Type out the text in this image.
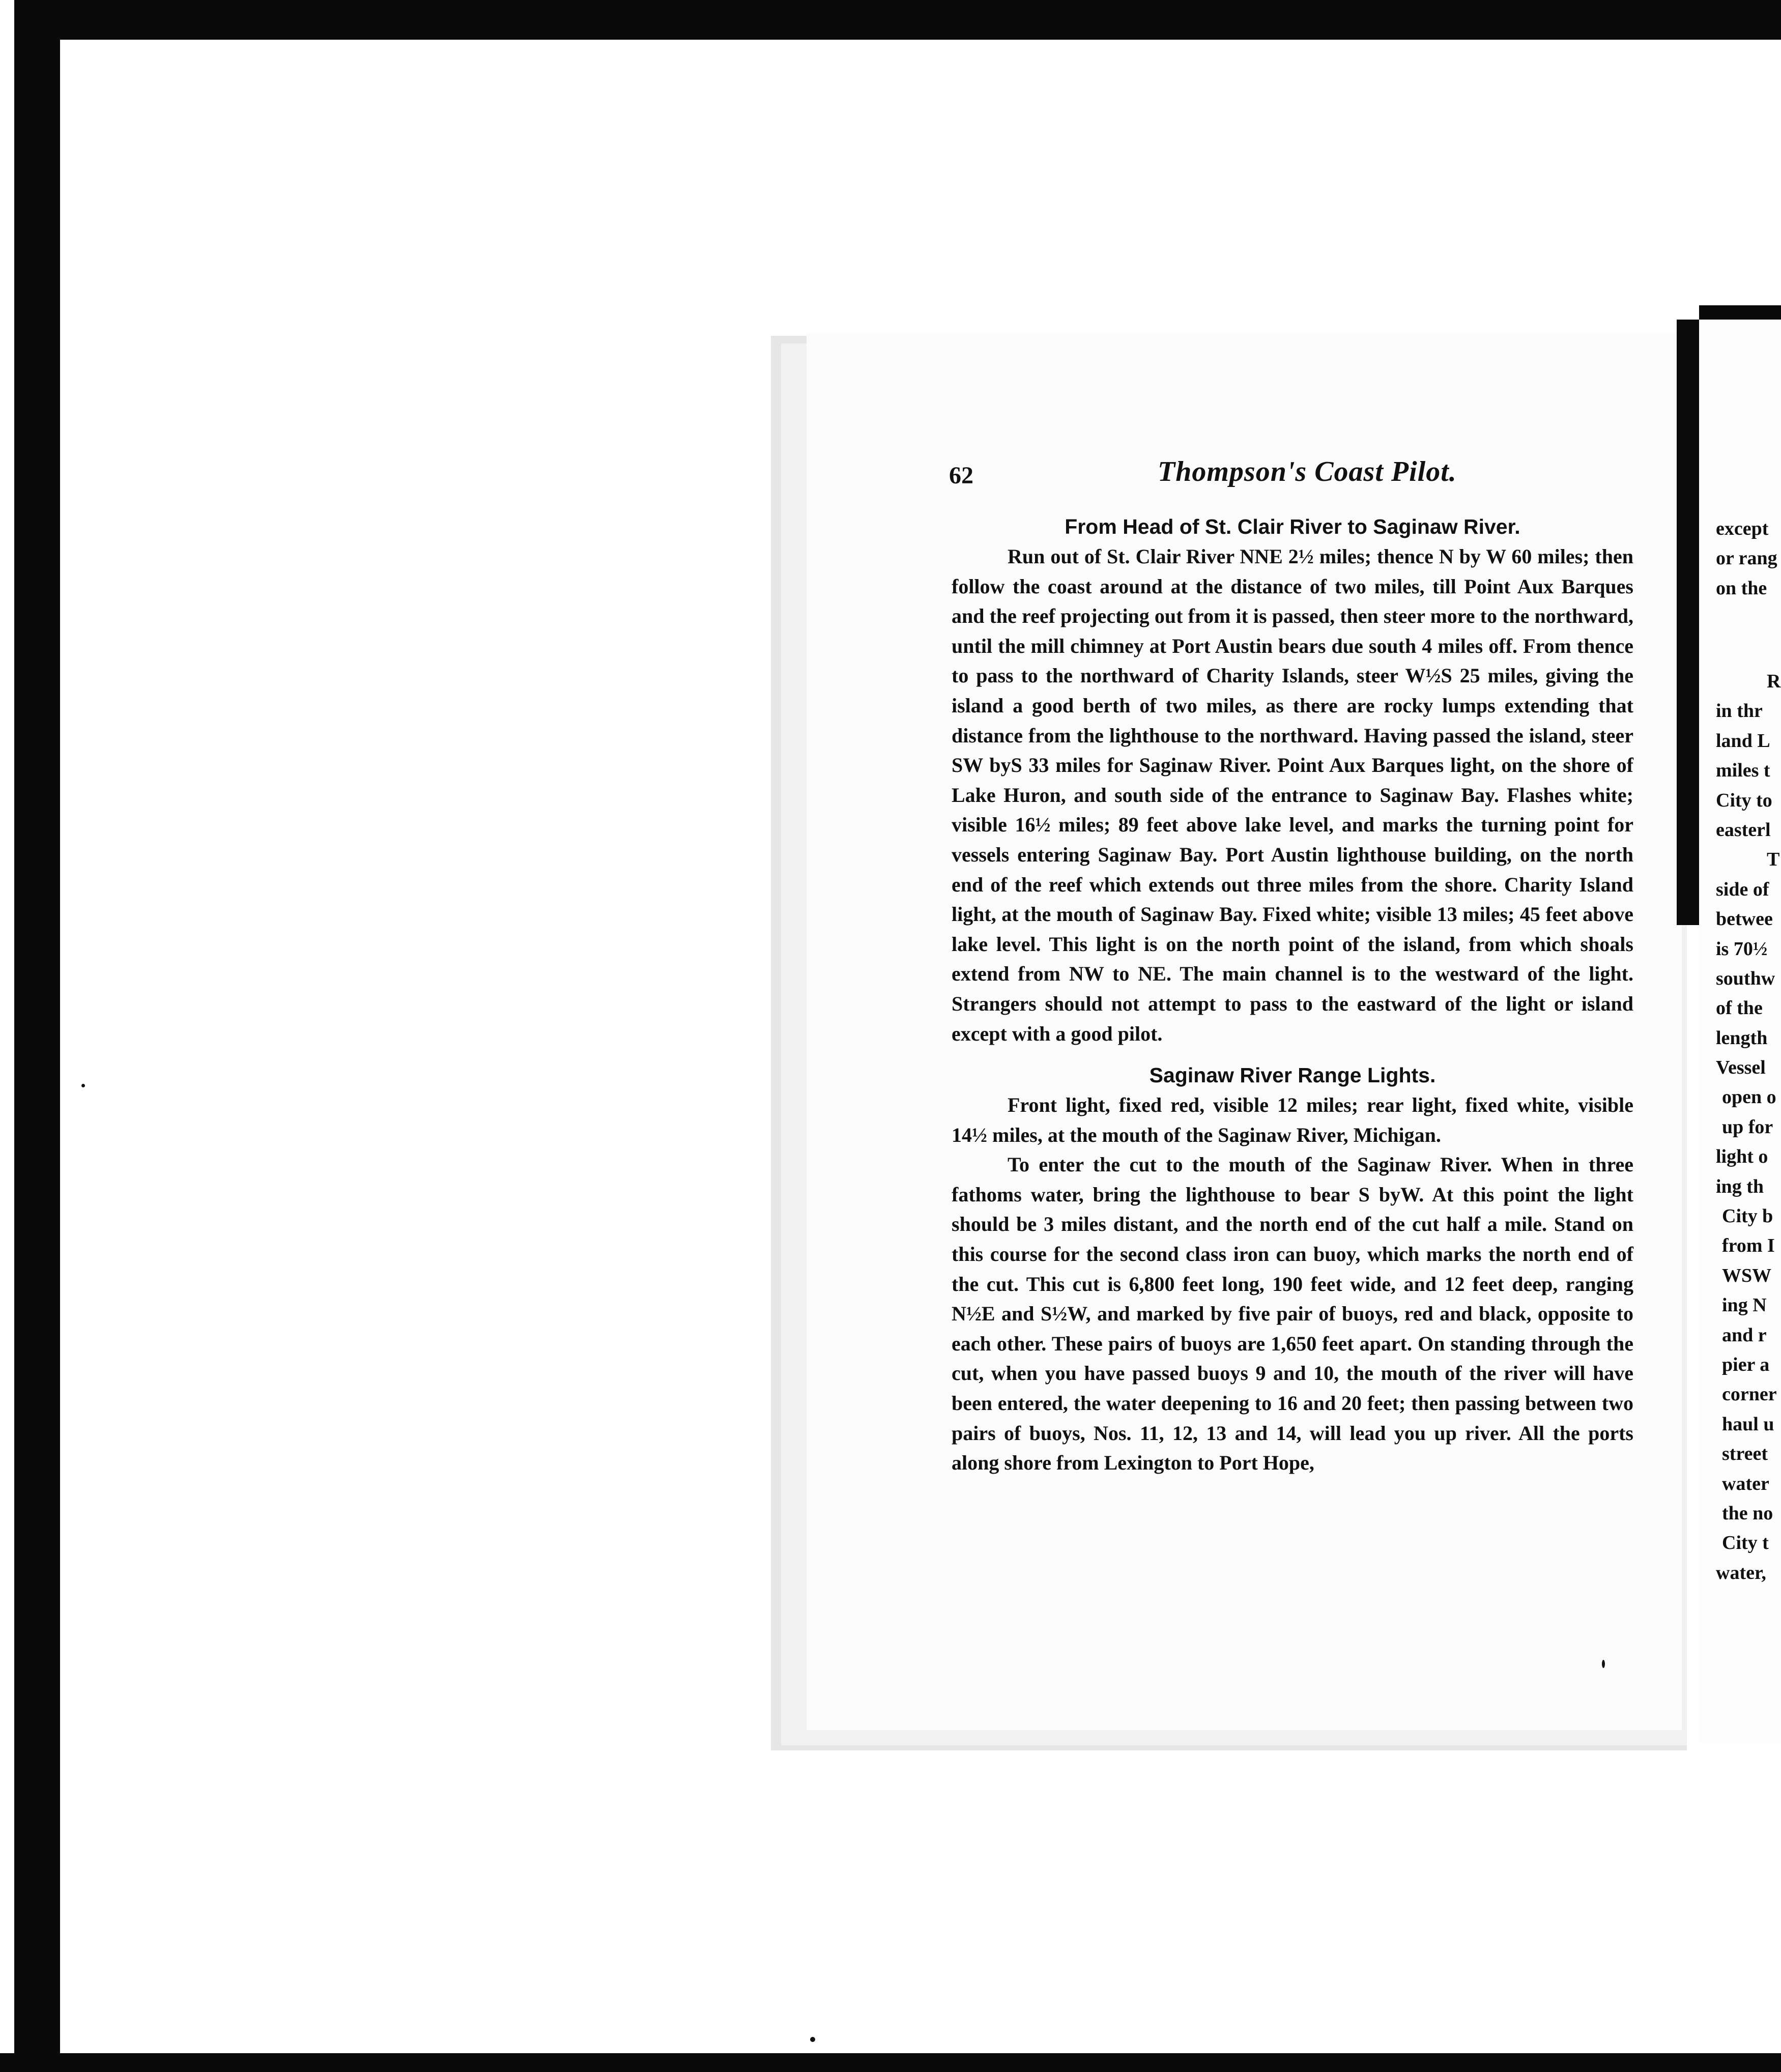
62	Thompson's Coast Pilot.
From Head of St. Clair River to Saginaw River.

Run out of St. Clair River NNE 2½ miles; thence N by W 60 miles; then follow the coast around at the distance of two miles, till Point Aux Barques and the reef projecting out from it is passed, then steer more to the northward, until the mill chimney at Port Austin bears due south 4 miles off. From thence to pass to the northward of Charity Islands, steer W½S 25 miles, giving the island a good berth of two miles, as there are rocky lumps extending that distance from the lighthouse to the northward. Having passed the island, steer SW byS 33 miles for Saginaw River. Point Aux Barques light, on the shore of Lake Huron, and south side of the entrance to Saginaw Bay. Flashes white; visible 16½ miles; 89 feet above lake level, and marks the turning point for vessels entering Saginaw Bay. Port Austin lighthouse building, on the north end of the reef which extends out three miles from the shore. Charity Island light, at the mouth of Saginaw Bay. Fixed white; visible 13 miles; 45 feet above lake level. This light is on the north point of the island, from which shoals extend from NW to NE. The main channel is to the westward of the light. Strangers should not attempt to pass to the eastward of the light or island except with a good pilot.

Saginaw River Range Lights.

Front light, fixed red, visible 12 miles; rear light, fixed white, visible 14½ miles, at the mouth of the Saginaw River, Michigan.

To enter the cut to the mouth of the Saginaw River. When in three fathoms water, bring the lighthouse to bear S byW. At this point the light should be 3 miles distant, and the north end of the cut half a mile. Stand on this course for the second class iron can buoy, which marks the north end of the cut. This cut is 6,800 feet long, 190 feet wide, and 12 feet deep, ranging N½E and S½W, and marked by five pair of buoys, red and black, opposite to each other. These pairs of buoys are 1,650 feet apart. On standing through the cut, when you have passed buoys 9 and 10, the mouth of the river will have been entered, the water deepening to 16 and 20 feet; then passing between two pairs of buoys, Nos. 11, 12, 13 and 14, will lead you up river. All the ports along shore from Lexington to Port Hope,

except
or rang
on the
R
in thr
land L
miles t
City to
easterl
T
side of
betwee
is 70½
southw
of the
length
Vessel
open o
up for
light o
ing th
City b
from I
WSW
ing N
and r
pier a
corner
haul u
street
water
the no
City t
water,
